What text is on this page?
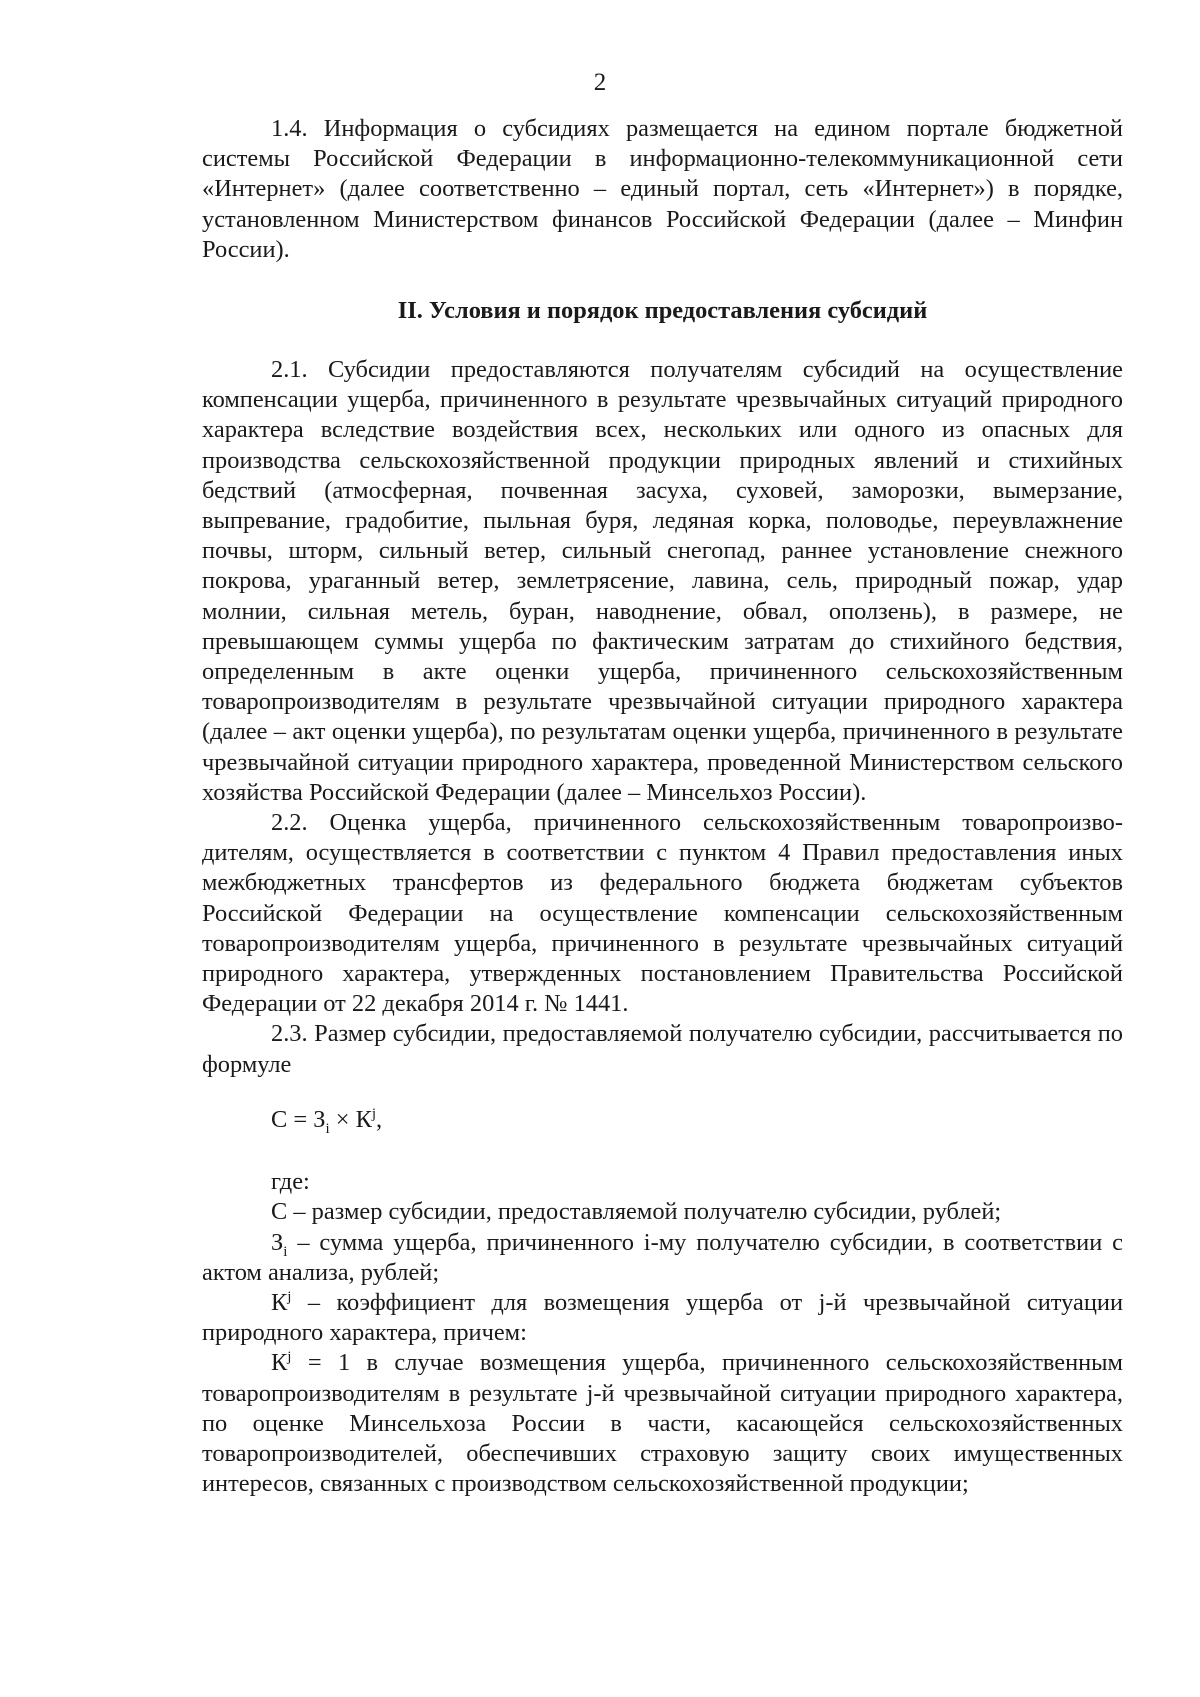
2

1.4. Информация о субсидиях размещается на едином портале бюджетной системы Российской Федерации в информационно-телекоммуникационной сети «Интернет» (далее соответственно – единый портал, сеть «Интернет») в порядке, установленном Министерством финансов Российской Федерации (далее – Минфин России).

II. Условия и порядок предоставления субсидий

2.1. Субсидии предоставляются получателям субсидий на осуществление компенсации ущерба, причиненного в результате чрезвычайных ситуаций природного характера вследствие воздействия всех, нескольких или одного из опасных для производства сельскохозяйственной продукции природных явлений и стихийных бедствий (атмосферная, почвенная засуха, суховей, заморозки, вымерзание, выпревание, градобитие, пыльная буря, ледяная корка, половодье, переувлажнение почвы, шторм, сильный ветер, сильный снегопад, раннее установление снежного покрова, ураганный ветер, землетрясение, лавина, сель, природный пожар, удар молнии, сильная метель, буран, наводнение, обвал, оползень), в размере, не превышающем суммы ущерба по фактическим затратам до стихийного бедствия, определенным в акте оценки ущерба, причиненного сельскохозяйственным товаропроизводителям в результате чрезвычайной ситуации природного характера (далее – акт оценки ущерба), по результатам оценки ущерба, причиненного в результате чрезвычайной ситуации природного характера, проведенной Министерством сельского хозяйства Российской Федерации (далее – Минсельхоз России).

2.2. Оценка ущерба, причиненного сельскохозяйственным товаропроизводителям, осуществляется в соответствии с пунктом 4 Правил предоставления иных межбюджетных трансфертов из федерального бюджета бюджетам субъектов Российской Федерации на осуществление компенсации сельскохозяйственным товаропроизводителям ущерба, причиненного в результате чрезвычайных ситуаций природного характера, утвержденных постановлением Правительства Российской Федерации от 22 декабря 2014 г. № 1441.

2.3. Размер субсидии, предоставляемой получателю субсидии, рассчитывается по формуле

$С = З_i \times К^j$,
где:

С – размер субсидии, предоставляемой получателю субсидии, рублей;

$З_i$ – сумма ущерба, причиненного i-му получателю субсидии, в соответствии с актом анализа, рублей;

$К^j$ – коэффициент для возмещения ущерба от j-й чрезвычайной ситуации природного характера, причем:

$К^j = 1$ в случае возмещения ущерба, причиненного сельскохозяйственным товаропроизводителям в результате j-й чрезвычайной ситуации природного характера, по оценке Минсельхоза России в части, касающейся сельскохозяйственных товаропроизводителей, обеспечивших страховую защиту своих имущественных интересов, связанных с производством сельскохозяйственной продукции;
